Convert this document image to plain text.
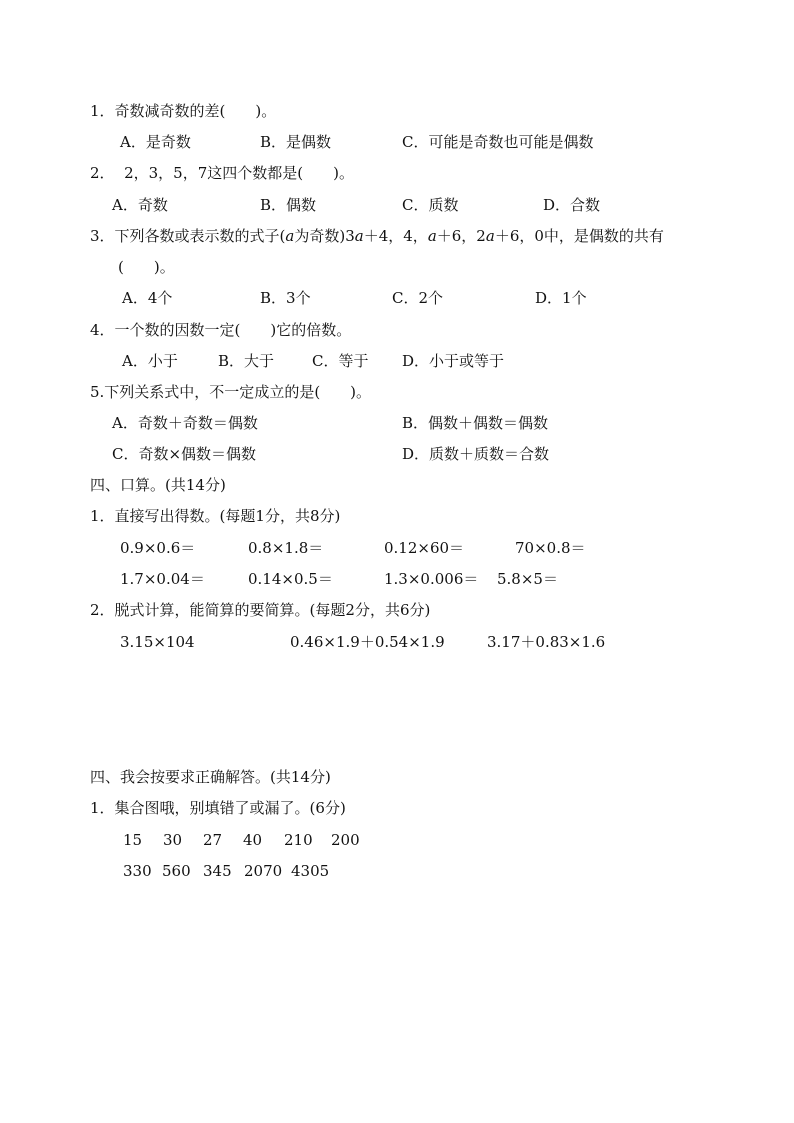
1．奇数减奇数的差( )。
A．是奇数	B．是偶数	C．可能是奇数也可能是偶数
2．  2，3，5，7这四个数都是( )。
A．奇数	B．偶数	C．质数	D．合数
3．下列各数或表示数的式子(a为奇数)3a＋4，4，a＋6，2a＋6，0中，是偶数的共有
( )。
A．4个	B．3个	C．2个	D．1个
4．一个数的因数一定( )它的倍数。
A．小于	B．大于	C．等于 D．小于或等于
5.下列关系式中，不一定成立的是( )。
A．奇数＋奇数＝偶数	B．偶数＋偶数＝偶数
C．奇数×偶数＝偶数	D．质数＋质数＝合数
四、口算。(共14分)
1．直接写出得数。(每题1分，共8分)
0.9×0.6＝	0.8×1.8＝	0.12×60＝	70×0.8＝
1.7×0.04＝	0.14×0.5＝	1.3×0.006＝ 5.8×5＝
2．脱式计算，能简算的要简算。(每题2分，共6分)
3.15×104	0.46×1.9＋0.54×1.9	3.17＋0.83×1.6
四、我会按要求正确解答。(共14分)
1．集合图哦，别填错了或漏了。(6分)
15 30 27 40 210 200
330 560 345 2070 4305
